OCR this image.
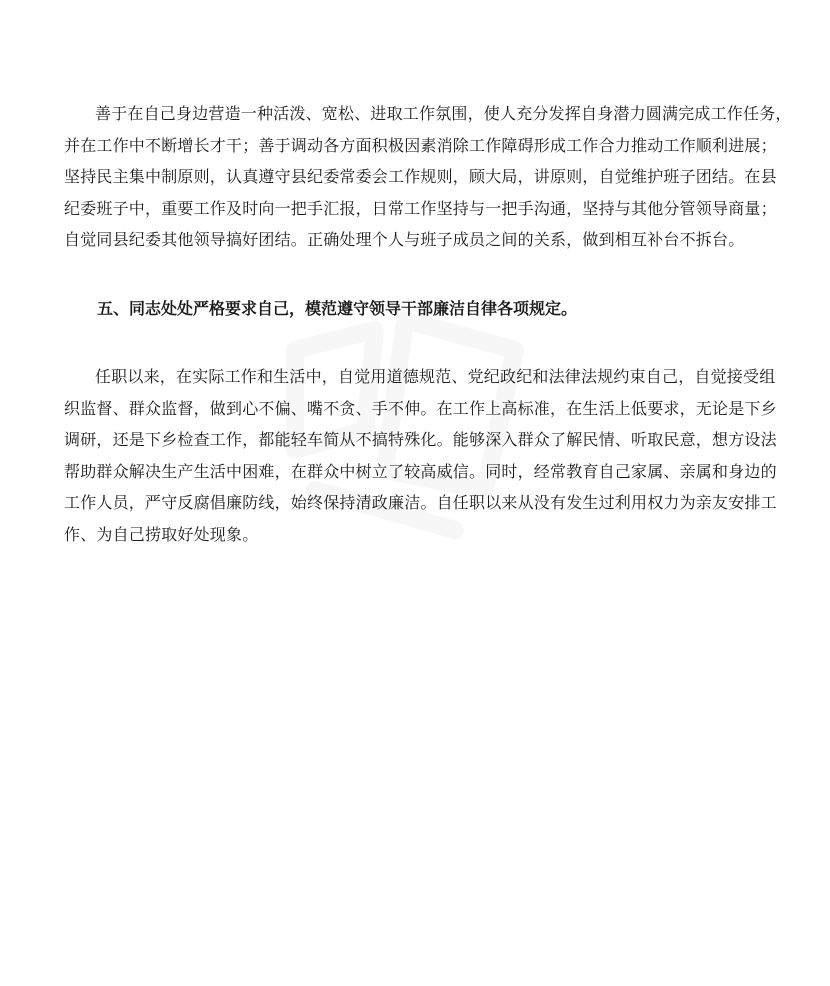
善于在自己身边营造一种活泼、宽松、进取工作氛围，使人充分发挥自身潜力圆满完成工作任务，
并在工作中不断增长才干；善于调动各方面积极因素消除工作障碍形成工作合力推动工作顺利进展；
坚持民主集中制原则，认真遵守县纪委常委会工作规则，顾大局，讲原则，自觉维护班子团结。在县
纪委班子中，重要工作及时向一把手汇报，日常工作坚持与一把手沟通，坚持与其他分管领导商量；
自觉同县纪委其他领导搞好团结。正确处理个人与班子成员之间的关系，做到相互补台不拆台。

五、同志处处严格要求自己，模范遵守领导干部廉洁自律各项规定。

任职以来，在实际工作和生活中，自觉用道德规范、党纪政纪和法律法规约束自己，自觉接受组
织监督、群众监督，做到心不偏、嘴不贪、手不伸。在工作上高标准，在生活上低要求，无论是下乡
调研，还是下乡检查工作，都能轻车简从不搞特殊化。能够深入群众了解民情、听取民意，想方设法
帮助群众解决生产生活中困难，在群众中树立了较高威信。同时，经常教育自己家属、亲属和身边的
工作人员，严守反腐倡廉防线，始终保持清政廉洁。自任职以来从没有发生过利用权力为亲友安排工
作、为自己捞取好处现象。
